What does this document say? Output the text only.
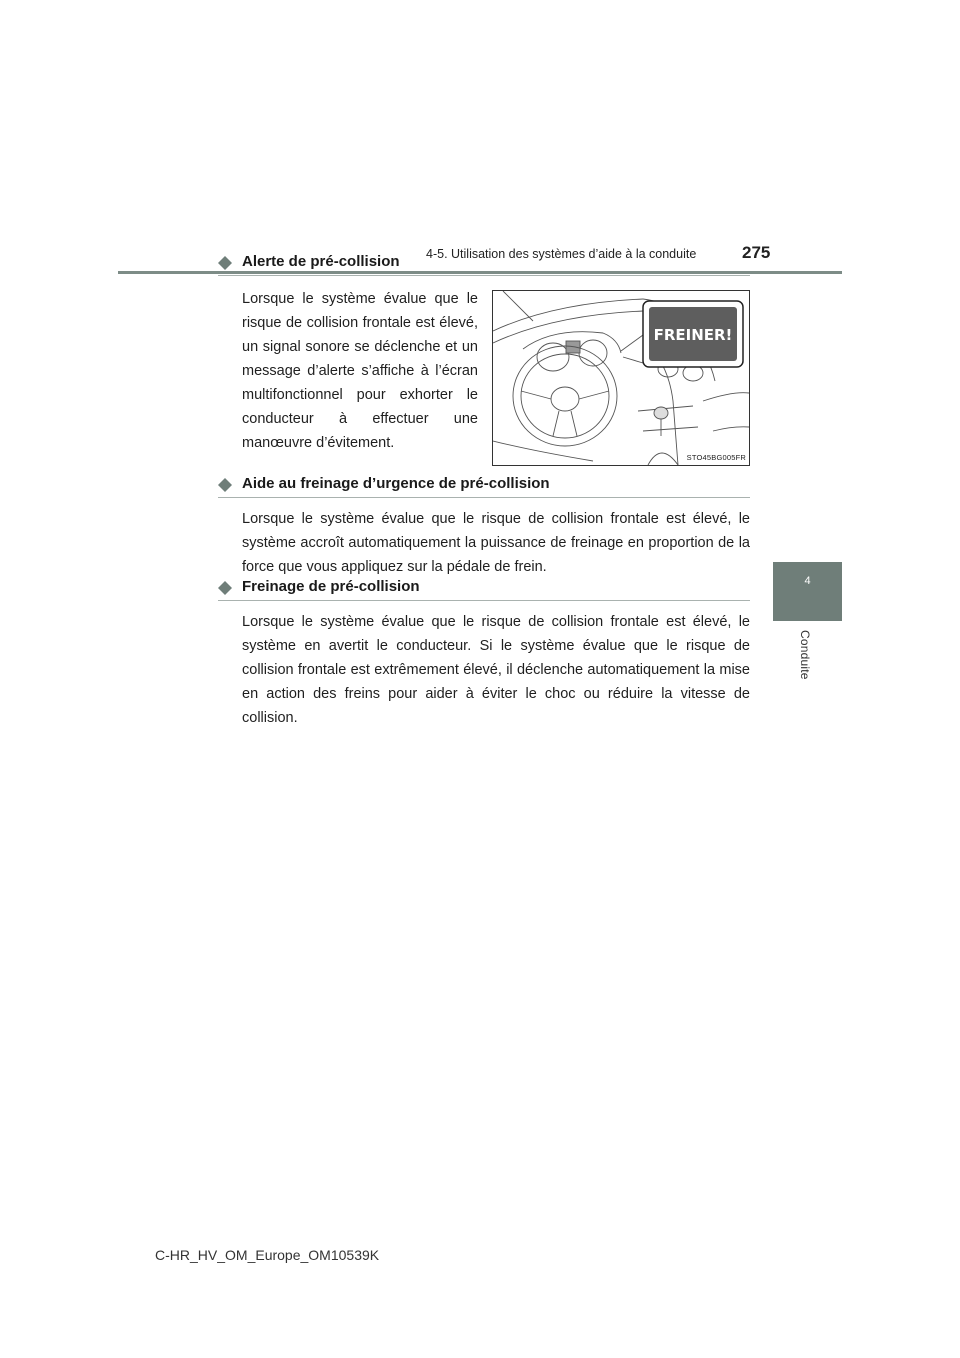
4-5. Utilisation des systèmes d’aide à la conduite	275
4
Conduite
Alerte de pré-collision

Lorsque le système évalue que le risque de collision frontale est élevé, un signal sonore se déclenche et un message d’alerte s’affiche à l’écran multifonctionnel pour exhorter le conducteur à effectuer une manœuvre d’évitement.

FREINER!
STO45BG005FR
Aide au freinage d’urgence de pré-collision

Lorsque le système évalue que le risque de collision frontale est élevé, le système accroît automatiquement la puissance de freinage en proportion de la force que vous appliquez sur la pédale de frein.

Freinage de pré-collision

Lorsque le système évalue que le risque de collision frontale est élevé, le système en avertit le conducteur. Si le système évalue que le risque de collision frontale est extrêmement élevé, il déclenche automatiquement la mise en action des freins pour aider à éviter le choc ou réduire la vitesse de collision.

C-HR_HV_OM_Europe_OM10539K
